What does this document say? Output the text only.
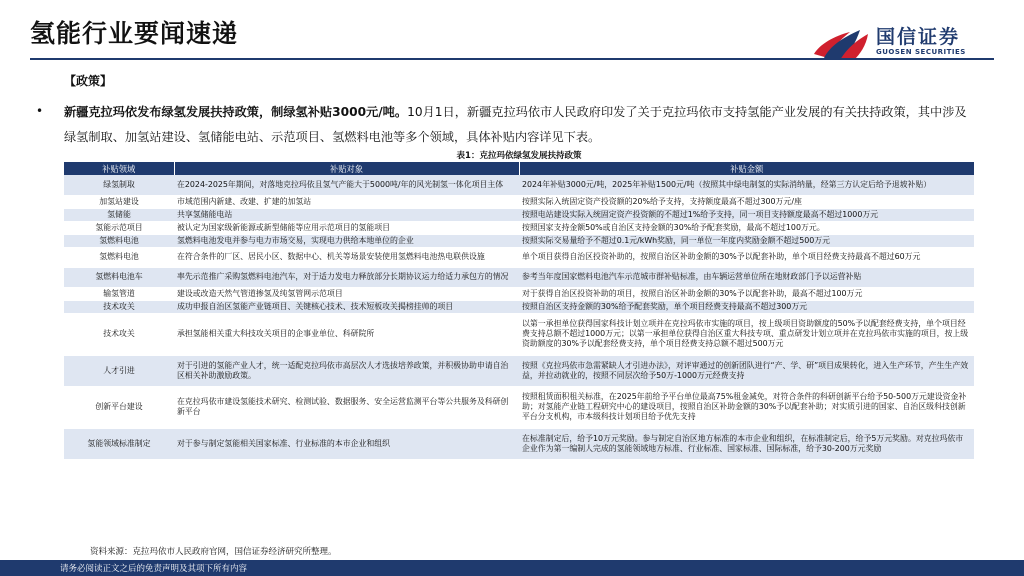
氢能行业要闻速递	国信证券
GUOSEN SECURITIES
【政策】
• 新疆克拉玛依发布绿氢发展扶持政策，制绿氢补贴3000元/吨。10月1日，新疆克拉玛依市人民政府印发了关于克拉玛依市支持氢能产业发展的有关扶持政策，其中涉及绿氢制取、加氢站建设、氢储能电站、示范项目、氢燃料电池等多个领域，具体补贴内容详见下表。
表1：克拉玛依绿氢发展扶持政策
补贴领域	补贴对象	补贴金额
绿氢制取	在2024-2025年期间，对落地克拉玛依且氢气产能大于5000吨/年的风光制氢一体化项目主体	2024年补贴3000元/吨，2025年补贴1500元/吨（按照其中绿电制氢的实际消纳量，经第三方认定后给予退坡补贴）
加氢站建设	市域范围内新建、改建、扩建的加氢站	按照实际入统固定资产投资额的20%给予支持，支持额度最高不超过300万元/座
氢储能	共享氢储能电站	按照电站建设实际入统固定资产投资额的不超过1%给予支持，同一项目支持额度最高不超过1000万元
氢能示范项目	被认定为国家级新能源或新型储能等应用示范项目的氢能项目	按照国家支持金额50%或自治区支持金额的30%给予配套奖励，最高不超过100万元。
氢燃料电池	氢燃料电池发电并参与电力市场交易，实现电力供给本地单位的企业	按照实际交易量给予不超过0.1元/kWh奖励，同一单位一年度内奖励金额不超过500万元
氢燃料电池	在符合条件的厂区、居民小区、数据中心、机关等场景安装使用氢燃料电池热电联供设施	单个项目获得自治区投资补助的，按照自治区补助金额的30%予以配套补助，单个项目经费支持最高不超过60万元
氢燃料电池车	率先示范推广采购氢燃料电池汽车，对于适力发电力释放部分长期协议运力给适力承包方的情况	参考当年度国家燃料电池汽车示范城市群补贴标准，由车辆运营单位所在地财政部门予以运营补贴
输氢管道	建设或改造天然气管道掺氢及纯氢管网示范项目	对于获得自治区投资补助的项目，按照自治区补助金额的30%予以配套补助，最高不超过100万元
技术攻关	成功申报自治区氢能产业链项目、关键核心技术、技术短板攻关揭榜挂帅的项目	按照自治区支持金额的30%给予配套奖励，单个项目经费支持最高不超过300万元
技术攻关	承担氢能相关重大科技攻关项目的企事业单位、科研院所	以第一承担单位获得国家科技计划立项并在克拉玛依市实施的项目，按上级项目资助额度的50%予以配套经费支持，单个项目经费支持总额不超过1000万元；以第一承担单位获得自治区重大科技专项、重点研发计划立项并在克拉玛依市实施的项目，按上级资助额度的30%予以配套经费支持，单个项目经费支持总额不超过500万元
人才引进	对于引进的氢能产业人才，统一适配克拉玛依市高层次人才选拔培养政策，并积极协助申请自治区相关补助激励政策。	按照《克拉玛依市急需紧缺人才引进办法》，对评审通过的创新团队进行“产、学、研”项目成果转化，进入生产环节，产生生产效益，并拉动就业的，按照不同层次给予50万-1000万元经费支持
创新平台建设	在克拉玛依市建设氢能技术研究、检测试验、数据服务、安全运营监测平台等公共服务及科研创新平台	按照租赁面积租关标准，在2025年前给予平台单位最高75%租金减免，对符合条件的科研创新平台给予50-500万元建设资金补助；对氢能产业链工程研究中心的建设项目，按照自治区补助金额的30%予以配套补助；对实质引进的国家、自治区级科技创新平台分支机构，市本级科技计划项目给予优先支持
氢能领域标准制定	对于参与制定氢能相关国家标准、行业标准的本市企业和组织	在标准制定后，给予10万元奖励。参与制定自治区地方标准的本市企业和组织，在标准制定后，给予5万元奖励。对克拉玛依市企业作为第一编制人完成的氢能领域地方标准、行业标准、国家标准、国际标准，给予30-200万元奖励
资料来源：克拉玛依市人民政府官网，国信证券经济研究所整理。
请务必阅读正文之后的免责声明及其项下所有内容
